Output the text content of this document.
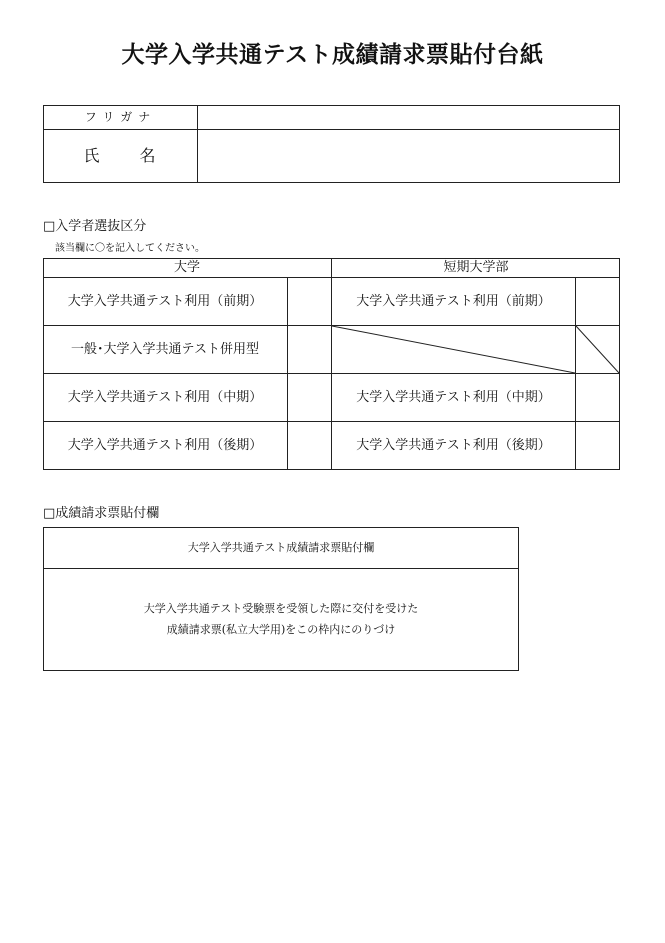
大学入学共通テスト成績請求票貼付台紙
フリガナ
氏 名
□入学者選抜区分
該当欄に〇を記入してください。
大学	短期大学部
大学入学共通テスト利用（前期）
一般･大学入学共通テスト併用型
大学入学共通テスト利用（中期）
大学入学共通テスト利用（後期）
大学入学共通テスト利用（前期）
大学入学共通テスト利用（中期）
大学入学共通テスト利用（後期）
□成績請求票貼付欄
大学入学共通テスト成績請求票貼付欄
大学入学共通テスト受験票を受領した際に交付を受けた
成績請求票(私立大学用)をこの枠内にのりづけ
